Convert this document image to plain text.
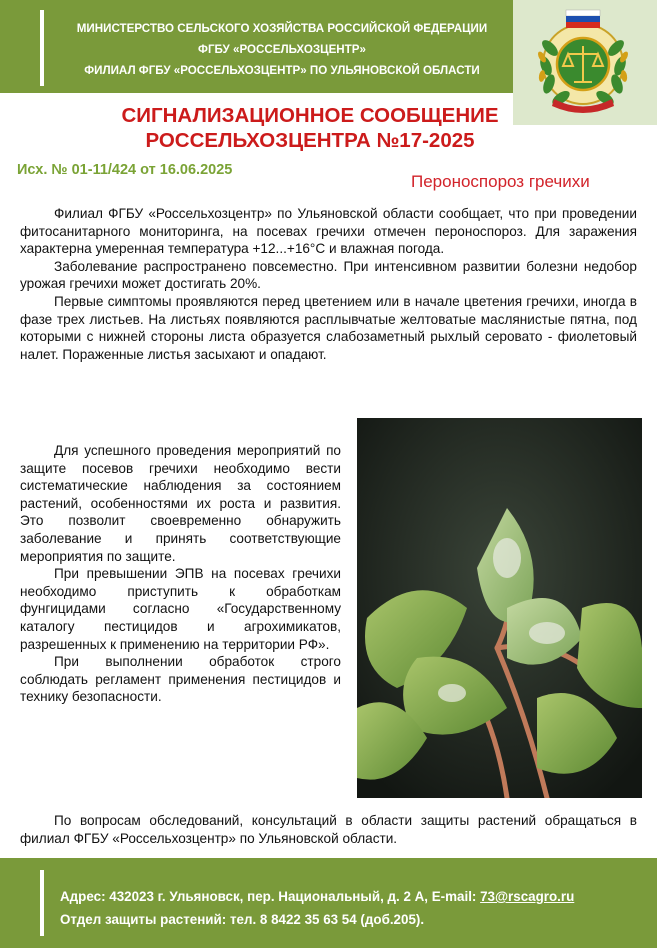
МИНИСТЕРСТВО СЕЛЬСКОГО ХОЗЯЙСТВА РОССИЙСКОЙ ФЕДЕРАЦИИ
ФГБУ «РОССЕЛЬХОЗЦЕНТР»
ФИЛИАЛ ФГБУ «РОССЕЛЬХОЗЦЕНТР» ПО УЛЬЯНОВСКОЙ ОБЛАСТИ
СИГНАЛИЗАЦИОННОЕ СООБЩЕНИЕ
РОССЕЛЬХОЗЦЕНТРА №17-2025
Исх. № 01-11/424 от 16.06.2025
Пероноспороз гречихи

Филиал ФГБУ «Россельхозцентр» по Ульяновской области сообщает, что при проведении фитосанитарного мониторинга, на посевах гречихи отмечен пероноспороз. Для заражения характерна умеренная температура +12...+16°С и влажная погода.

Заболевание распространено повсеместно. При интенсивном развитии болезни недобор урожая гречихи может достигать 20%.

Первые симптомы проявляются перед цветением или в начале цветения гречихи, иногда в фазе трех листьев. На листьях появляются расплывчатые желтоватые маслянистые пятна, под которыми с нижней стороны листа образуется слабозаметный рыхлый серовато - фиолетовый налет. Пораженные листья засыхают и опадают.

Для успешного проведения мероприятий по защите посевов гречихи необходимо вести систематические наблюдения за состоянием растений, особенностями их роста и развития. Это позволит своевременно обнаружить заболевание и принять соответствующие мероприятия по защите.

При превышении ЭПВ на посевах гречихи необходимо приступить к обработкам фунгицидами согласно «Государственному каталогу пестицидов и агрохимикатов, разрешенных к применению на территории РФ».

При выполнении обработок строго соблюдать регламент применения пестицидов и технику безопасности.

По вопросам обследований, консультаций в области защиты растений обращаться в филиал ФГБУ «Россельхозцентр» по Ульяновской области.

Адрес: 432023 г. Ульяновск, пер. Национальный, д. 2 А, E-mail: 73@rscagro.ru
Отдел защиты растений: тел. 8 8422 35 63 54 (доб.205).
